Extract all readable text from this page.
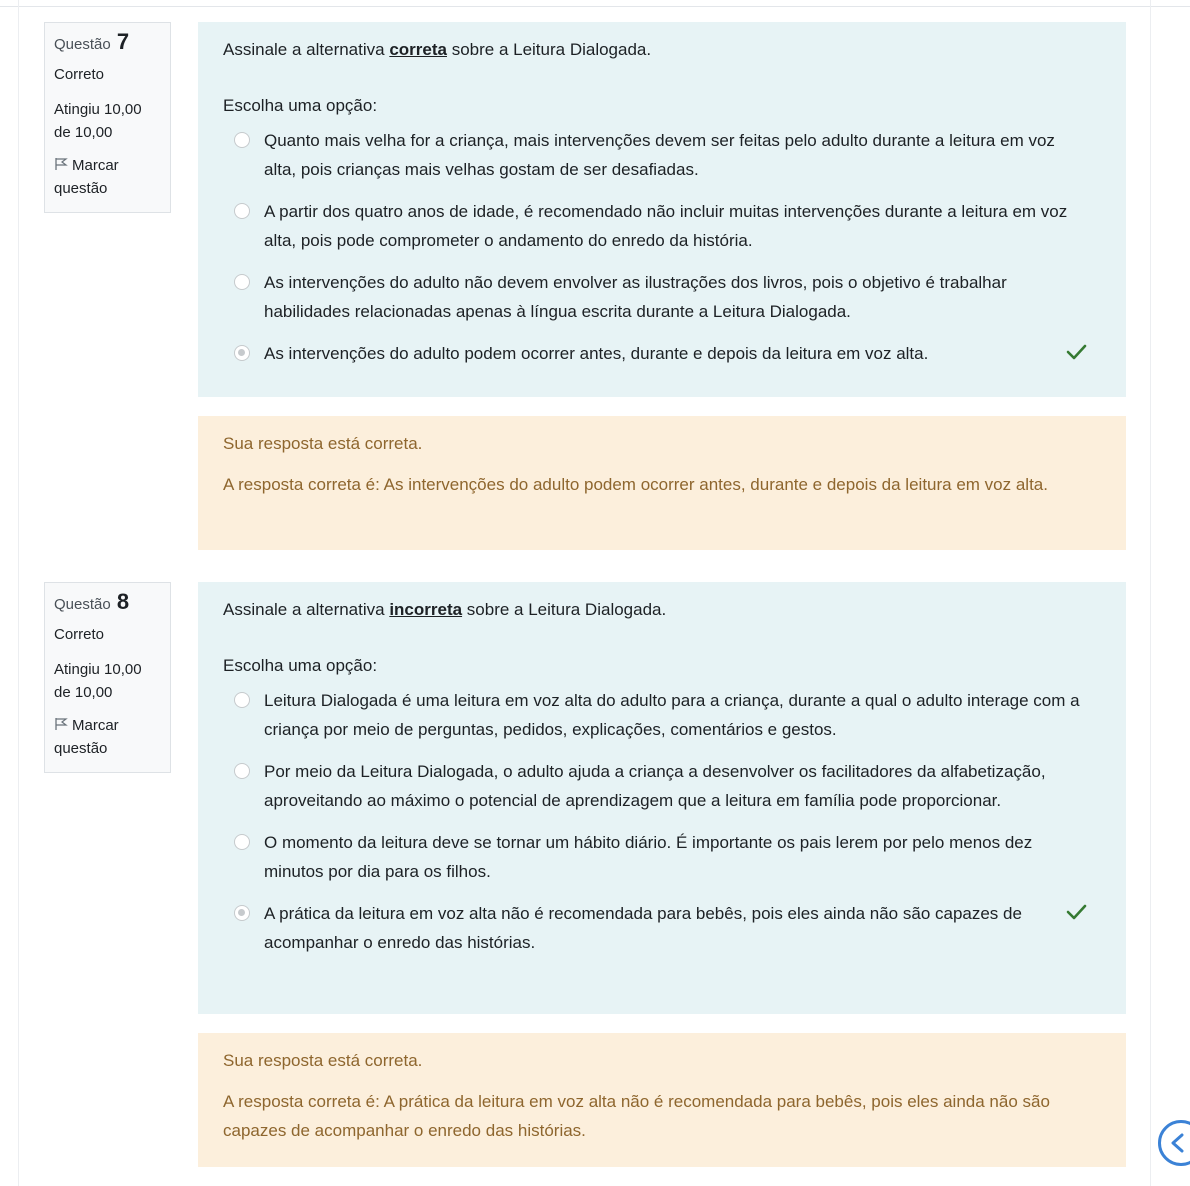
Questão 7
Correto
Atingiu 10,00 de 10,00
Marcar questão
Assinale a alternativa correta sobre a Leitura Dialogada.
Escolha uma opção:
Quanto mais velha for a criança, mais intervenções devem ser feitas pelo adulto durante a leitura em voz alta, pois crianças mais velhas gostam de ser desafiadas.
A partir dos quatro anos de idade, é recomendado não incluir muitas intervenções durante a leitura em voz alta, pois pode comprometer o andamento do enredo da história.
As intervenções do adulto não devem envolver as ilustrações dos livros, pois o objetivo é trabalhar habilidades relacionadas apenas à língua escrita durante a Leitura Dialogada.
As intervenções do adulto podem ocorrer antes, durante e depois da leitura em voz alta.
Sua resposta está correta.
A resposta correta é: As intervenções do adulto podem ocorrer antes, durante e depois da leitura em voz alta.
Questão 8
Correto
Atingiu 10,00 de 10,00
Marcar questão
Assinale a alternativa incorreta sobre a Leitura Dialogada.
Escolha uma opção:
Leitura Dialogada é uma leitura em voz alta do adulto para a criança, durante a qual o adulto interage com a criança por meio de perguntas, pedidos, explicações, comentários e gestos.
Por meio da Leitura Dialogada, o adulto ajuda a criança a desenvolver os facilitadores da alfabetização, aproveitando ao máximo o potencial de aprendizagem que a leitura em família pode proporcionar.
O momento da leitura deve se tornar um hábito diário. É importante os pais lerem por pelo menos dez minutos por dia para os filhos.
A prática da leitura em voz alta não é recomendada para bebês, pois eles ainda não são capazes de acompanhar o enredo das histórias.
Sua resposta está correta.
A resposta correta é: A prática da leitura em voz alta não é recomendada para bebês, pois eles ainda não são capazes de acompanhar o enredo das histórias.
